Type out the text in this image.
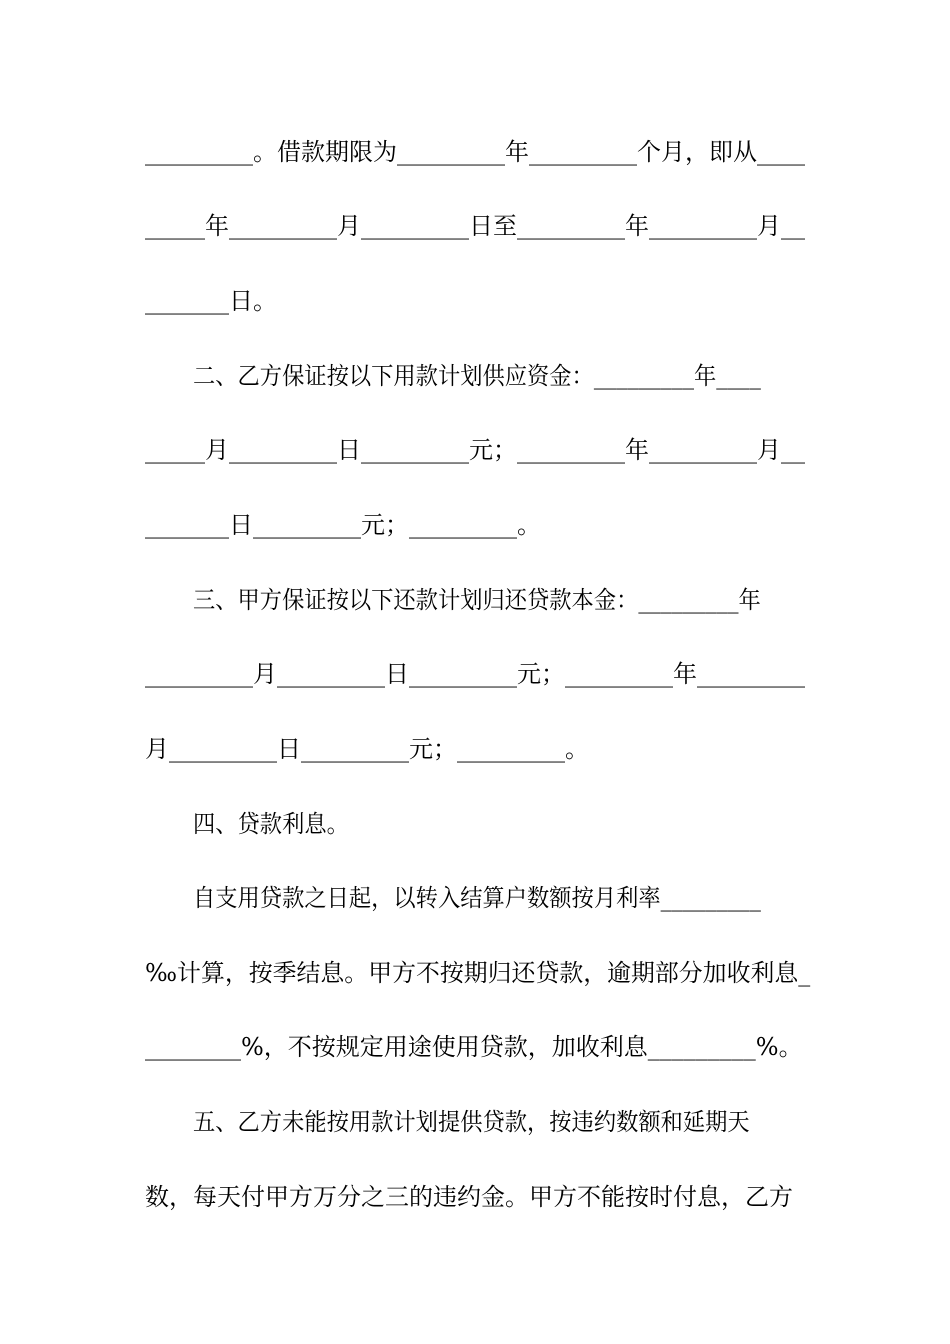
_________。借款期限为_________年_________个月，即从____
_____年_________月_________日至_________年_________月__
_______日。
二、乙方保证按以下用款计划供应资金：_________年____
_____月_________日_________元；_________年_________月__
_______日_________元；_________。
三、甲方保证按以下还款计划归还贷款本金：_________年
_________月_________日_________元；_________年_________
月_________日_________元；_________。
四、贷款利息。
自支用贷款之日起，以转入结算户数额按月利率_________
‰计算，按季结息。甲方不按期归还贷款，逾期部分加收利息_
________%，不按规定用途使用贷款，加收利息_________%。
五、乙方未能按用款计划提供贷款，按违约数额和延期天
数，每天付甲方万分之三的违约金。甲方不能按时付息，乙方
